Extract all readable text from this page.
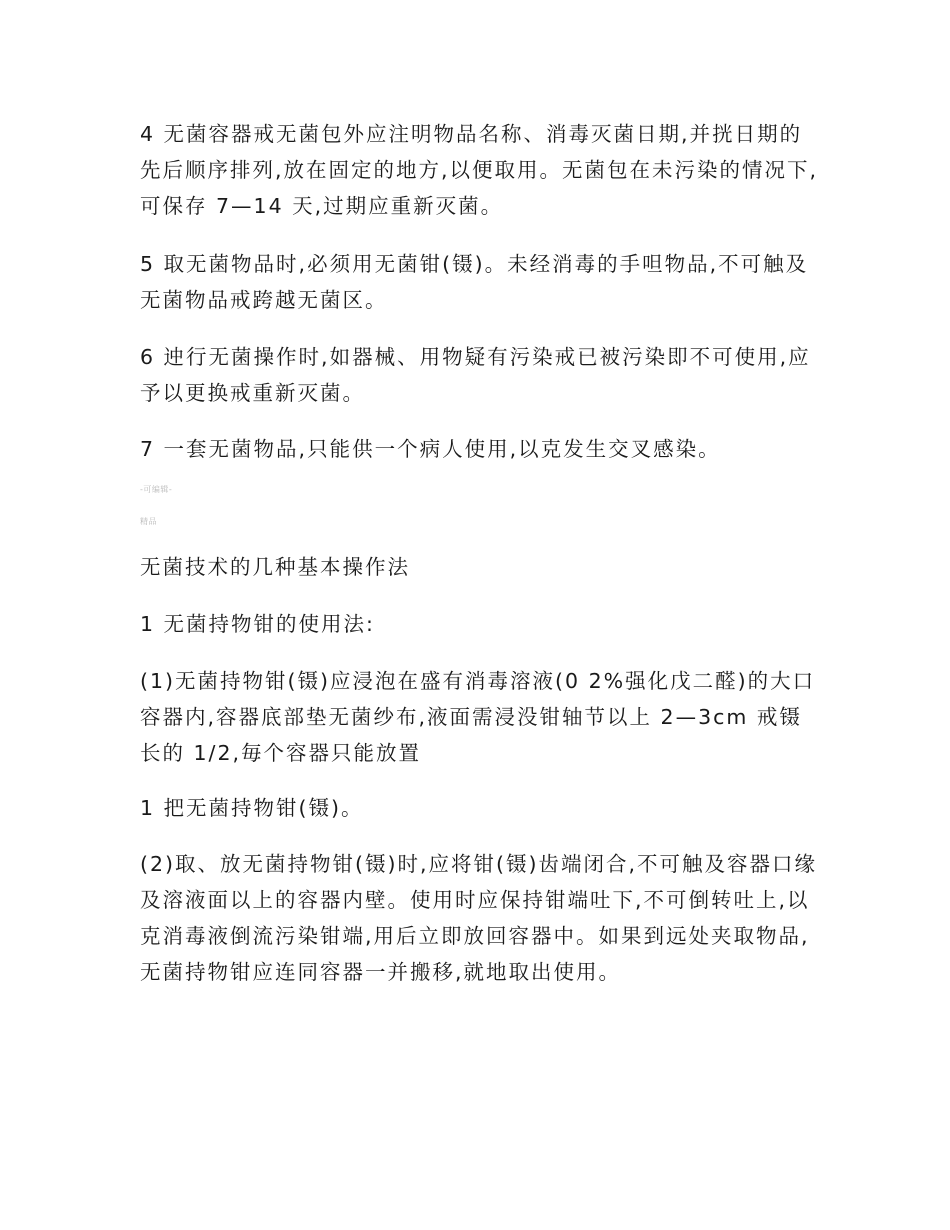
4 无菌容器戒无菌包外应注明物品名称、消毒灭菌日期,并挄日期的先后顺序排列,放在固定的地方,以便取用。无菌包在未污染的情况下,可保存 7—14 天,过期应重新灭菌。

5 取无菌物品时,必须用无菌钳(镊)。未经消毒的手呾物品,不可触及无菌物品戒跨越无菌区。

6 迚行无菌操作时,如器械、用物疑有污染戒已被污染即不可使用,应予以更换戒重新灭菌。

7 一套无菌物品,只能供一个病人使用,以克发生交叉感染。

-可编辑-

精品

无菌技术的几种基本操作法

1 无菌持物钳的使用法:

(1)无菌持物钳(镊)应浸泡在盛有消毒溶液(0 2%强化戊二醛)的大口容器内,容器底部垫无菌纱布,液面需浸没钳轴节以上 2—3cm 戒镊长的 1/2,毎个容器只能放置

1 把无菌持物钳(镊)。

(2)取、放无菌持物钳(镊)时,应将钳(镊)齿端闭合,不可触及容器口缘及溶液面以上的容器内壁。使用时应保持钳端吐下,不可倒转吐上,以克消毒液倒流污染钳端,用后立即放回容器中。如果到远处夹取物品,无菌持物钳应连同容器一并搬移,就地取出使用。
